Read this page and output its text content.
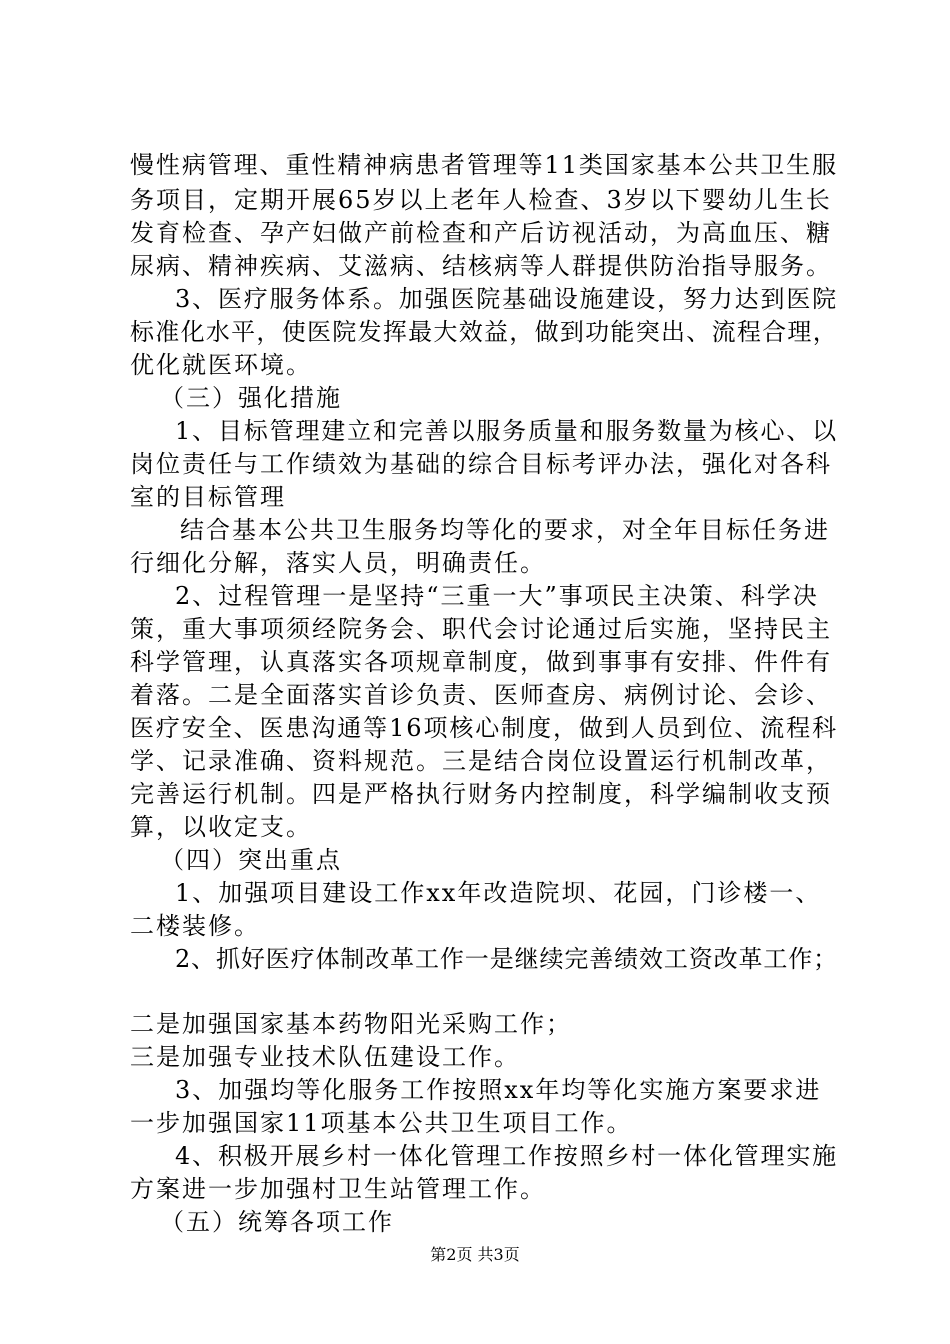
慢性病管理、重性精神病患者管理等11类国家基本公共卫生服
务项目，定期开展65岁以上老年人检查、3岁以下婴幼儿生长
发育检查、孕产妇做产前检查和产后访视活动，为高血压、糖
尿病、精神疾病、艾滋病、结核病等人群提供防治指导服务。
3、医疗服务体系。加强医院基础设施建设，努力达到医院
标准化水平，使医院发挥最大效益，做到功能突出、流程合理，
优化就医环境。
（三）强化措施
1、目标管理建立和完善以服务质量和服务数量为核心、以
岗位责任与工作绩效为基础的综合目标考评办法，强化对各科
室的目标管理
结合基本公共卫生服务均等化的要求，对全年目标任务进
行细化分解，落实人员，明确责任。
2、过程管理一是坚持“三重一大”事项民主决策、科学决
策，重大事项须经院务会、职代会讨论通过后实施，坚持民主
科学管理，认真落实各项规章制度，做到事事有安排、件件有
着落。二是全面落实首诊负责、医师查房、病例讨论、会诊、
医疗安全、医患沟通等16项核心制度，做到人员到位、流程科
学、记录准确、资料规范。三是结合岗位设置运行机制改革，
完善运行机制。四是严格执行财务内控制度，科学编制收支预
算，以收定支。
（四）突出重点
1、加强项目建设工作xx年改造院坝、花园，门诊楼一、
二楼装修。
2、抓好医疗体制改革工作一是继续完善绩效工资改革工作；
二是加强国家基本药物阳光采购工作；
三是加强专业技术队伍建设工作。
3、加强均等化服务工作按照xx年均等化实施方案要求进
一步加强国家11项基本公共卫生项目工作。
4、积极开展乡村一体化管理工作按照乡村一体化管理实施
方案进一步加强村卫生站管理工作。
（五）统筹各项工作
第2页 共3页
